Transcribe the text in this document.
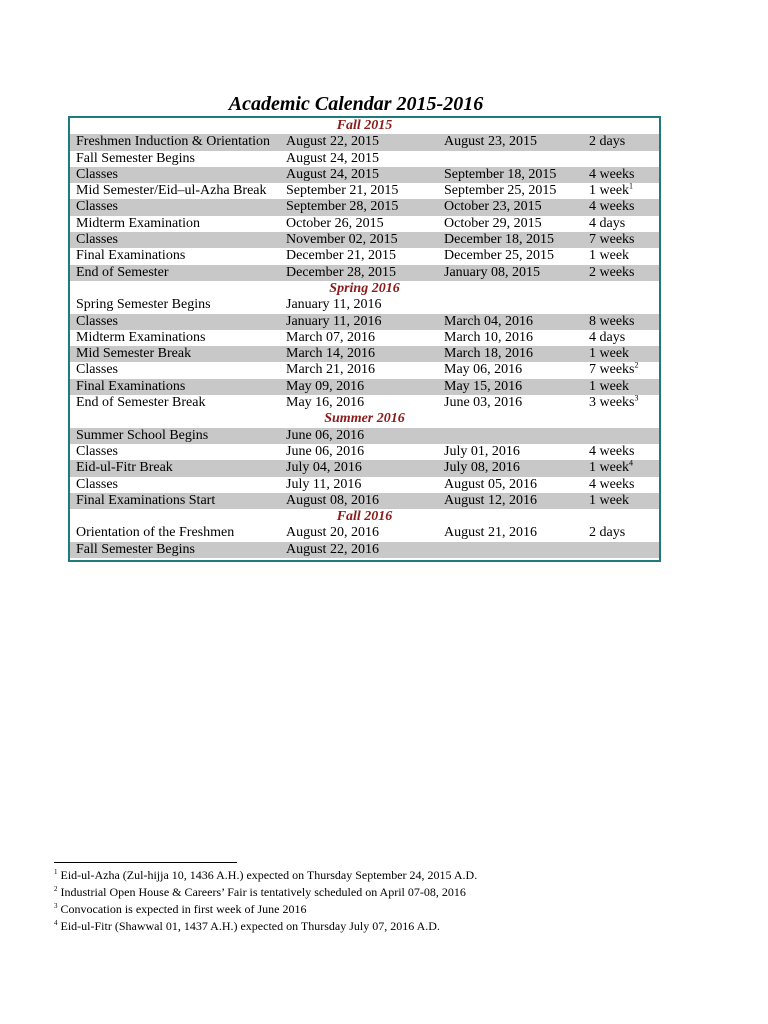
Academic Calendar 2015-2016
Fall 2015
Freshmen Induction & Orientation August 22, 2015	August 23, 2015	2 days
Fall Semester Begins	August 24, 2015
Classes	August 24, 2015	September 18, 2015 4 weeks
Mid Semester/Eid–ul-Azha Break September 21, 2015	September 25, 2015 1 week$^1$
Classes	September 28, 2015	October 23, 2015	4 weeks
Midterm Examination	October 26, 2015	October 29, 2015	4 days
Classes	November 02, 2015	December 18, 2015 7 weeks
Final Examinations	December 21, 2015	December 25, 2015 1 week
End of Semester	December 28, 2015	January 08, 2015	2 weeks
Spring 2016
Spring Semester Begins	January 11, 2016
Classes	January 11, 2016	March 04, 2016	8 weeks
Midterm Examinations	March 07, 2016	March 10, 2016	4 days
Mid Semester Break	March 14, 2016	March 18, 2016	1 week
Classes	March 21, 2016	May 06, 2016	7 weeks$^2$
Final Examinations	May 09, 2016	May 15, 2016	1 week
End of Semester Break	May 16, 2016	June 03, 2016	3 weeks$^3$
Summer 2016
Summer School Begins	June 06, 2016
Classes	June 06, 2016	July 01, 2016	4 weeks
Eid-ul-Fitr Break	July 04, 2016	July 08, 2016	1 week$^4$
Classes	July 11, 2016	August 05, 2016	4 weeks
Final Examinations Start	August 08, 2016	August 12, 2016	1 week
Fall 2016
Orientation of the Freshmen	August 20, 2016	August 21, 2016	2 days
Fall Semester Begins	August 22, 2016
$^1$ Eid-ul-Azha (Zul-hijja 10, 1436 A.H.) expected on Thursday September 24, 2015 A.D.
$^2$ Industrial Open House & Careers’ Fair is tentatively scheduled on April 07-08, 2016
$^3$ Convocation is expected in first week of June 2016
$^4$ Eid-ul-Fitr (Shawwal 01, 1437 A.H.) expected on Thursday July 07, 2016 A.D.
